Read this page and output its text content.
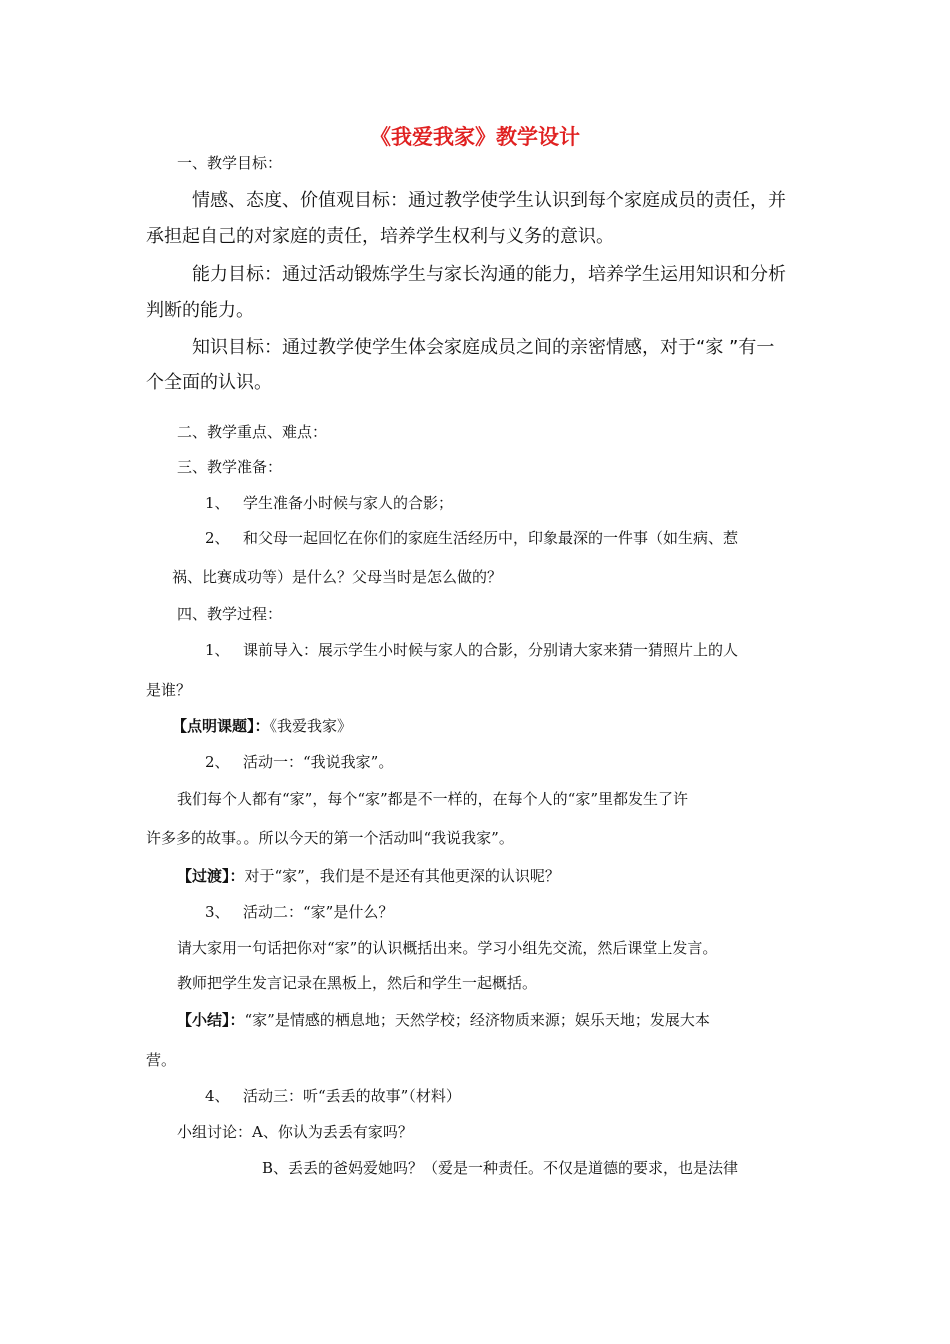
《我爱我家》教学设计
一、教学目标：
情感、态度、价值观目标：通过教学使学生认识到每个家庭成员的责任，并
承担起自己的对家庭的责任，培养学生权利与义务的意识。
能力目标：通过活动锻炼学生与家长沟通的能力，培养学生运用知识和分析
判断的能力。
知识目标：通过教学使学生体会家庭成员之间的亲密情感，对于“家 ”有一
个全面的认识。
二、教学重点、难点：
三、教学准备：
1、 学生准备小时候与家人的合影；
2、 和父母一起回忆在你们的家庭生活经历中，印象最深的一件事（如生病、惹
祸、比赛成功等）是什么？父母当时是怎么做的？
四、教学过程：
1、 课前导入：展示学生小时候与家人的合影，分别请大家来猜一猜照片上的人
是谁？
【点明课题】：《我爱我家》
2、 活动一：“我说我家”。
我们每个人都有“家”，每个“家”都是不一样的，在每个人的“家”里都发生了许
许多多的故事。。所以今天的第一个活动叫“我说我家”。
【过渡】：对于“家”，我们是不是还有其他更深的认识呢？
3、 活动二：“家”是什么？
请大家用一句话把你对“家”的认识概括出来。学习小组先交流，然后课堂上发言。
教师把学生发言记录在黑板上，然后和学生一起概括。
【小结】：“家”是情感的栖息地；天然学校；经济物质来源；娱乐天地；发展大本
营。
4、 活动三：听“丢丢的故事”（材料）
小组讨论：A、你认为丢丢有家吗？
B、丢丢的爸妈爱她吗？（爱是一种责任。不仅是道德的要求，也是法律
